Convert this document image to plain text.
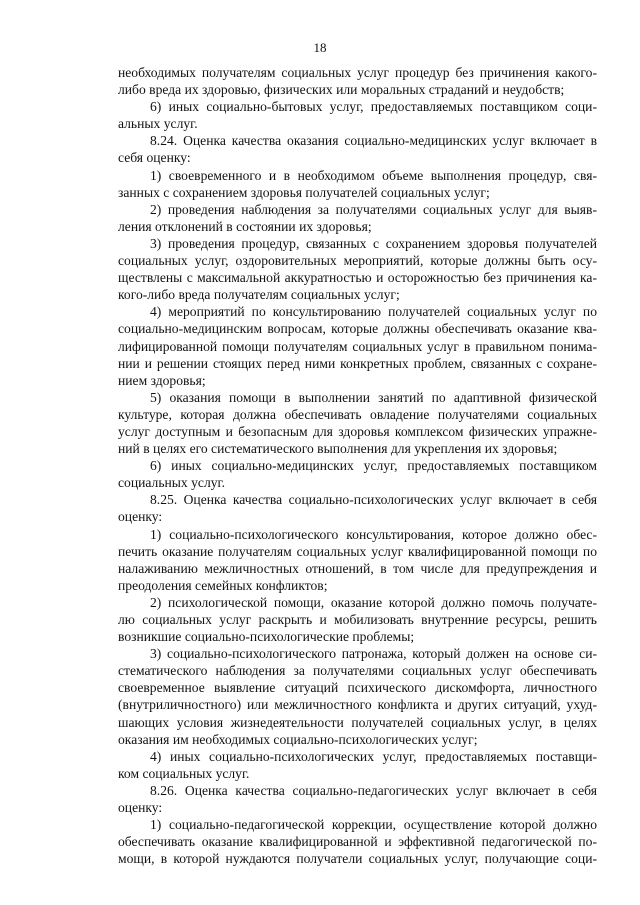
18
необходимых получателям социальных услуг процедур без причинения какого-
либо вреда их здоровью, физических или моральных страданий и неудобств;
6) иных социально-бытовых услуг, предоставляемых поставщиком соци-
альных услуг.
8.24. Оценка качества оказания социально-медицинских услуг включает в
себя оценку:
1) своевременного и в необходимом объеме выполнения процедур, свя-
занных с сохранением здоровья получателей социальных услуг;
2) проведения наблюдения за получателями социальных услуг для выяв-
ления отклонений в состоянии их здоровья;
3) проведения процедур, связанных с сохранением здоровья получателей
социальных услуг, оздоровительных мероприятий, которые должны быть осу-
ществлены с максимальной аккуратностью и осторожностью без причинения ка-
кого-либо вреда получателям социальных услуг;
4) мероприятий по консультированию получателей социальных услуг по
социально-медицинским вопросам, которые должны обеспечивать оказание ква-
лифицированной помощи получателям социальных услуг в правильном понима-
нии и решении стоящих перед ними конкретных проблем, связанных с сохране-
нием здоровья;
5) оказания помощи в выполнении занятий по адаптивной физической
культуре, которая должна обеспечивать овладение получателями социальных
услуг доступным и безопасным для здоровья комплексом физических упражне-
ний в целях его систематического выполнения для укрепления их здоровья;
6) иных социально-медицинских услуг, предоставляемых поставщиком
социальных услуг.
8.25. Оценка качества социально-психологических услуг включает в себя
оценку:
1) социально-психологического консультирования, которое должно обес-
печить оказание получателям социальных услуг квалифицированной помощи по
налаживанию межличностных отношений, в том числе для предупреждения и
преодоления семейных конфликтов;
2) психологической помощи, оказание которой должно помочь получате-
лю социальных услуг раскрыть и мобилизовать внутренние ресурсы, решить
возникшие социально-психологические проблемы;
3) социально-психологического патронажа, который должен на основе си-
стематического наблюдения за получателями социальных услуг обеспечивать
своевременное выявление ситуаций психического дискомфорта, личностного
(внутриличностного) или межличностного конфликта и других ситуаций, ухуд-
шающих условия жизнедеятельности получателей социальных услуг, в целях
оказания им необходимых социально-психологических услуг;
4) иных социально-психологических услуг, предоставляемых поставщи-
ком социальных услуг.
8.26. Оценка качества социально-педагогических услуг включает в себя
оценку:
1) социально-педагогической коррекции, осуществление которой должно
обеспечивать оказание квалифицированной и эффективной педагогической по-
мощи, в которой нуждаются получатели социальных услуг, получающие соци-
